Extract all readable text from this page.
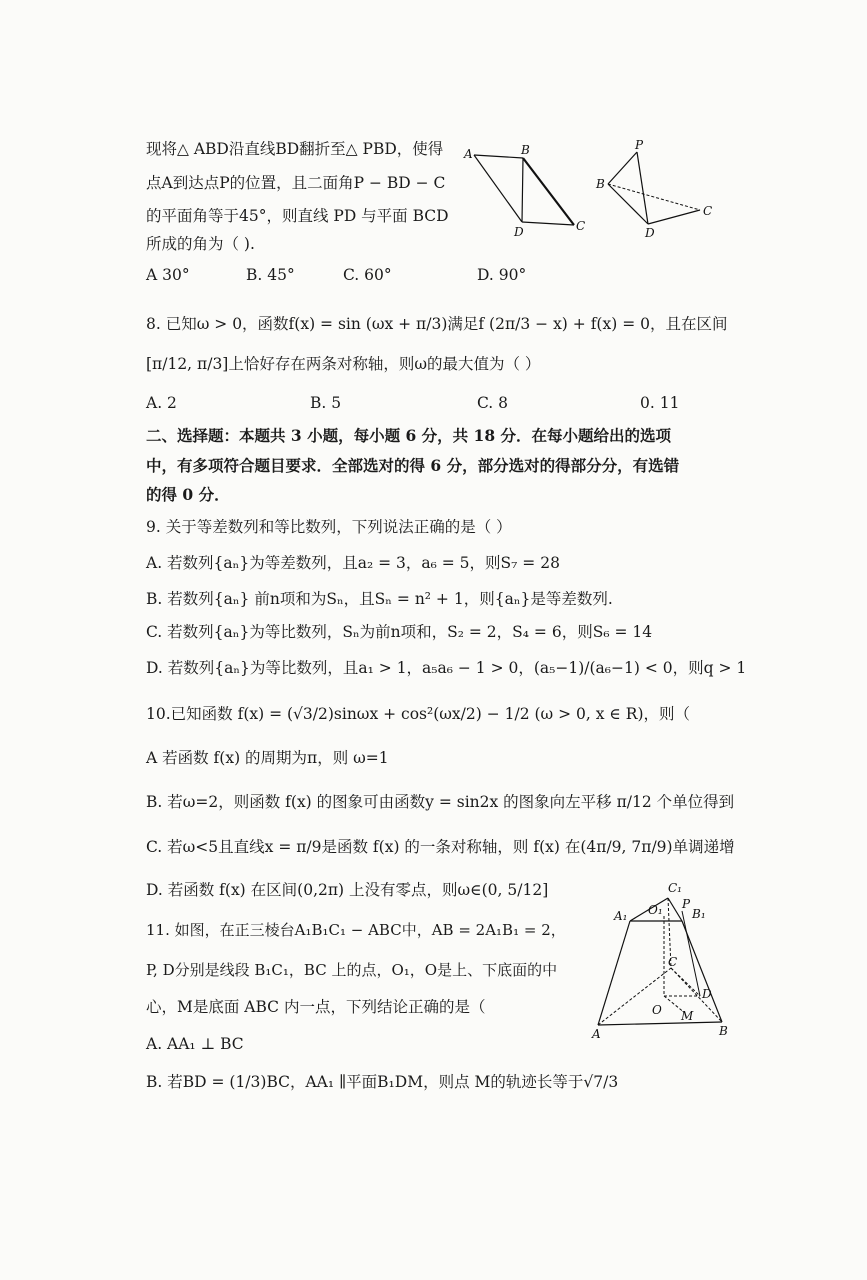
现将△ ABD沿直线BD翻折至△ PBD，使得
点A到达点P的位置，且二面角P − BD − C
的平面角等于45°，则直线 PD 与平面 BCD
所成的角为（ ).
A	B
C
D
P
B
C
D
A 30°	B. 45°	C. 60°	D. 90°
8. 已知ω > 0，函数f(x) = sin (ωx + π/3)满足f (2π/3 − x) + f(x) = 0，且在区间
[π/12, π/3]上恰好存在两条对称轴，则ω的最大值为（ ）
A. 2	B. 5	C. 8	0. 11
二、选择题：本题共 3 小题，每小题 6 分，共 18 分．在每小题给出的选项
中，有多项符合题目要求．全部选对的得 6 分，部分选对的得部分分，有选错
的得 0 分．
9. 关于等差数列和等比数列，下列说法正确的是（ ）
A. 若数列{aₙ}为等差数列，且a₂ = 3，a₆ = 5，则S₇ = 28
B. 若数列{aₙ} 前n项和为Sₙ，且Sₙ = n² + 1，则{aₙ}是等差数列.
C. 若数列{aₙ}为等比数列，Sₙ为前n项和，S₂ = 2，S₄ = 6，则S₆ = 14
D. 若数列{aₙ}为等比数列，且a₁ > 1，a₅a₆ − 1 > 0，(a₅−1)/(a₆−1) < 0，则q > 1
10.已知函数 f(x) = (√3/2)sinωx + cos²(ωx/2) − 1/2 (ω > 0, x ∈ R)，则（
A 若函数 f(x) 的周期为π，则 ω=1
B. 若ω=2，则函数 f(x) 的图象可由函数y = sin2x 的图象向左平移 π/12 个单位得到
C. 若ω<5且直线x = π/9是函数 f(x) 的一条对称轴，则 f(x) 在(4π/9, 7π/9)单调递增
D. 若函数 f(x) 在区间(0,2π) 上没有零点，则ω∈(0, 5/12]
11. 如图，在正三棱台A₁B₁C₁ − ABC中，AB = 2A₁B₁ = 2，
P, D分别是线段 B₁C₁，BC 上的点，O₁，O是上、下底面的中
心，M是底面 ABC 内一点，下列结论正确的是（
A. AA₁ ⊥ BC
B. 若BD = (1/3)BC，AA₁ ∥平面B₁DM，则点 M的轨迹长等于√7/3
C₁
A₁ O₁ P
B₁
C
D
O M
A	B
